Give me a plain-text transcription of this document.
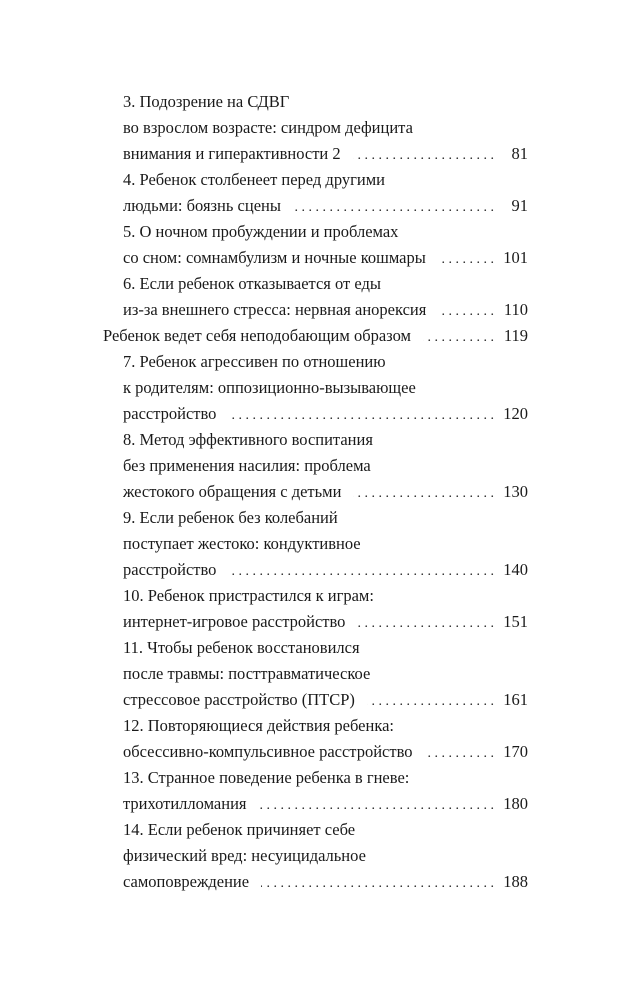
3. Подозрение на СДВГ
во взрослом возрасте: синдром дефицита
внимания и гиперактивности 2 . . .	81
4. Ребенок столбенеет перед другими
людьми: боязнь сцены . . .	91
5. О ночном пробуждении и проблемах
со сном: сомнамбулизм и ночные кошмары . . .	101
6. Если ребенок отказывается от еды
из-за внешнего стресса: нервная анорексия . . .	110
Ребенок ведет себя неподобающим образом . . .	119
7. Ребенок агрессивен по отношению
к родителям: оппозиционно-вызывающее
расстройство . . .	120
8. Метод эффективного воспитания
без применения насилия: проблема
жестокого обращения с детьми . . .	130
9. Если ребенок без колебаний
поступает жестоко: кондуктивное
расстройство . . .	140
10. Ребенок пристрастился к играм:
интернет-игровое расстройство . . .	151
11. Чтобы ребенок восстановился
после травмы: посттравматическое
стрессовое расстройство (ПТСР) . . .	161
12. Повторяющиеся действия ребенка:
обсессивно-компульсивное расстройство . . .	170
13. Странное поведение ребенка в гневе:
трихотилломания . . .	180
14. Если ребенок причиняет себе
физический вред: несуицидальное
самоповреждение . . .	188
